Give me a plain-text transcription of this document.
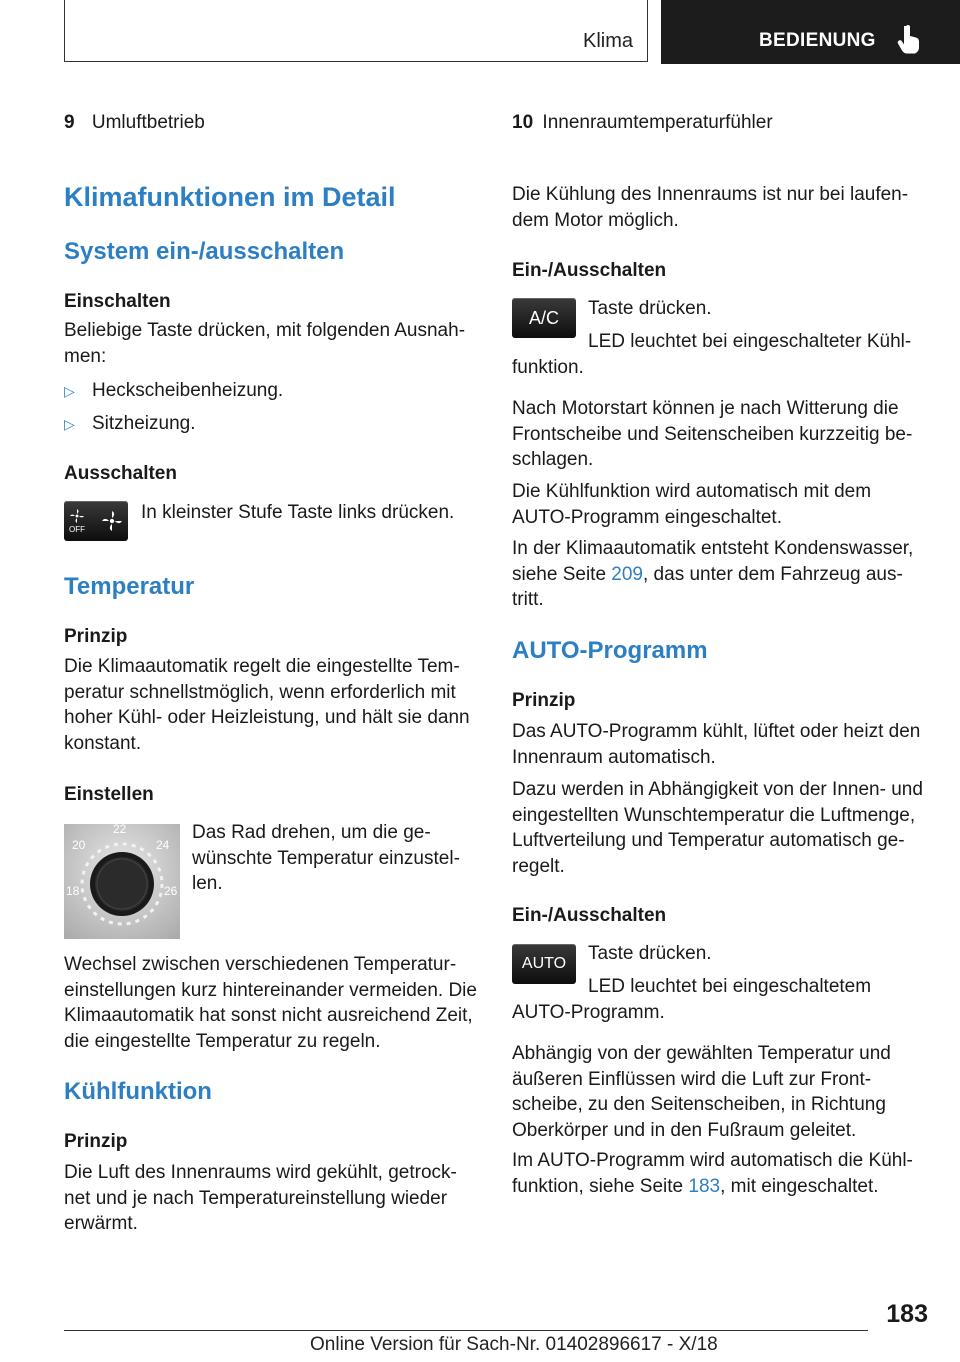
Klima	BEDIENUNG
9 Umluftbetrieb
Klimafunktionen im Detail
System ein-/ausschalten
Einschalten

Beliebige Taste drücken, mit folgenden Ausnah-men:

▷ Heckscheibenheizung.
▷ Sitzheizung.
Ausschalten
OFF

In kleinster Stufe Taste links drücken.

Temperatur
Prinzip

Die Klimaautomatik regelt die eingestellte Tem-peratur schnellstmöglich, wenn erforderlich mit hoher Kühl- oder Heizleistung, und hält sie dann konstant.

Einstellen
22
20	24
18	26

Das Rad drehen, um die ge-wünschte Temperatur einzustel-len.

Wechsel zwischen verschiedenen Temperatur-einstellungen kurz hintereinander vermeiden. Die Klimaautomatik hat sonst nicht ausreichend Zeit, die eingestellte Temperatur zu regeln.

Kühlfunktion
Prinzip

Die Luft des Innenraums wird gekühlt, getrock-net und je nach Temperatureinstellung wieder erwärmt.

10 Innenraumtemperaturfühler

Die Kühlung des Innenraums ist nur bei laufen-dem Motor möglich.

Ein-/Ausschalten
A/C	Taste drücken.

LED leuchtet bei eingeschalteter Kühl-funktion.

Nach Motorstart können je nach Witterung die Frontscheibe und Seitenscheiben kurzzeitig be-schlagen.

Die Kühlfunktion wird automatisch mit dem AUTO-Programm eingeschaltet.

In der Klimaautomatik entsteht Kondenswasser, siehe Seite 209, das unter dem Fahrzeug aus-tritt.

AUTO-Programm
Prinzip

Das AUTO-Programm kühlt, lüftet oder heizt den Innenraum automatisch.

Dazu werden in Abhängigkeit von der Innen- und eingestellten Wunschtemperatur die Luftmenge, Luftverteilung und Temperatur automatisch ge-regelt.

Ein-/Ausschalten
AUTO	Taste drücken.

LED leuchtet bei eingeschaltetem AUTO-Programm.

Abhängig von der gewählten Temperatur und äußeren Einflüssen wird die Luft zur Front-scheibe, zu den Seitenscheiben, in Richtung Oberkörper und in den Fußraum geleitet.

Im AUTO-Programm wird automatisch die Kühl-funktion, siehe Seite 183, mit eingeschaltet.

183
Online Version für Sach-Nr. 01402896617 - X/18
